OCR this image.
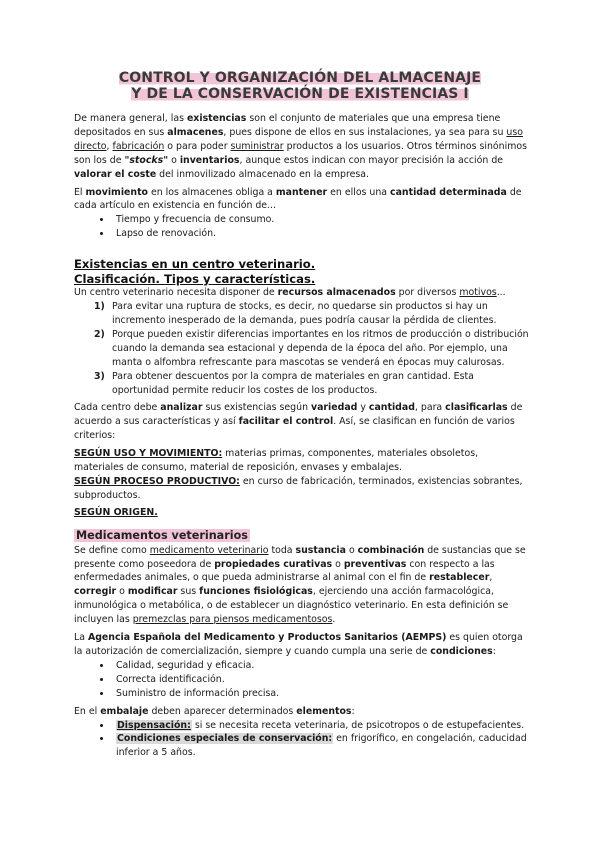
CONTROL Y ORGANIZACIÓN DEL ALMACENAJE
Y DE LA CONSERVACIÓN DE EXISTENCIAS I

De manera general, las existencias son el conjunto de materiales que una empresa tiene depositados en sus almacenes, pues dispone de ellos en sus instalaciones, ya sea para su uso directo, fabricación o para poder suministrar productos a los usuarios. Otros términos sinónimos son los de "stocks" o inventarios, aunque estos indican con mayor precisión la acción de valorar el coste del inmovilizado almacenado en la empresa.

El movimiento en los almacenes obliga a mantener en ellos una cantidad determinada de cada artículo en existencia en función de...

• Tiempo y frecuencia de consumo.
• Lapso de renovación.
Existencias en un centro veterinario.
Clasificación. Tipos y características.

Un centro veterinario necesita disponer de recursos almacenados por diversos motivos...

1) Para evitar una ruptura de stocks, es decir, no quedarse sin productos si hay un incremento inesperado de la demanda, pues podría causar la pérdida de clientes.
2) Porque pueden existir diferencias importantes en los ritmos de producción o distribución cuando la demanda sea estacional y dependa de la época del año. Por ejemplo, una manta o alfombra refrescante para mascotas se venderá en épocas muy calurosas.
3) Para obtener descuentos por la compra de materiales en gran cantidad. Esta oportunidad permite reducir los costes de los productos.

Cada centro debe analizar sus existencias según variedad y cantidad, para clasificarlas de acuerdo a sus características y así facilitar el control. Así, se clasifican en función de varios criterios:

SEGÚN USO Y MOVIMIENTO: materias primas, componentes, materiales obsoletos, materiales de consumo, material de reposición, envases y embalajes.

SEGÚN PROCESO PRODUCTIVO: en curso de fabricación, terminados, existencias sobrantes, subproductos.

SEGÚN ORIGEN.

Medicamentos veterinarios

Se define como medicamento veterinario toda sustancia o combinación de sustancias que se presente como poseedora de propiedades curativas o preventivas con respecto a las enfermedades animales, o que pueda administrarse al animal con el fin de restablecer, corregir o modificar sus funciones fisiológicas, ejerciendo una acción farmacológica, inmunológica o metabólica, o de establecer un diagnóstico veterinario. En esta definición se incluyen las premezclas para piensos medicamentosos.

La Agencia Española del Medicamento y Productos Sanitarios (AEMPS) es quien otorga la autorización de comercialización, siempre y cuando cumpla una serie de condiciones:

• Calidad, seguridad y eficacia.
• Correcta identificación.
• Suministro de información precisa.

En el embalaje deben aparecer determinados elementos:

• Dispensación: si se necesita receta veterinaria, de psicotropos o de estupefacientes.
• Condiciones especiales de conservación: en frigorífico, en congelación, caducidad inferior a 5 años.
